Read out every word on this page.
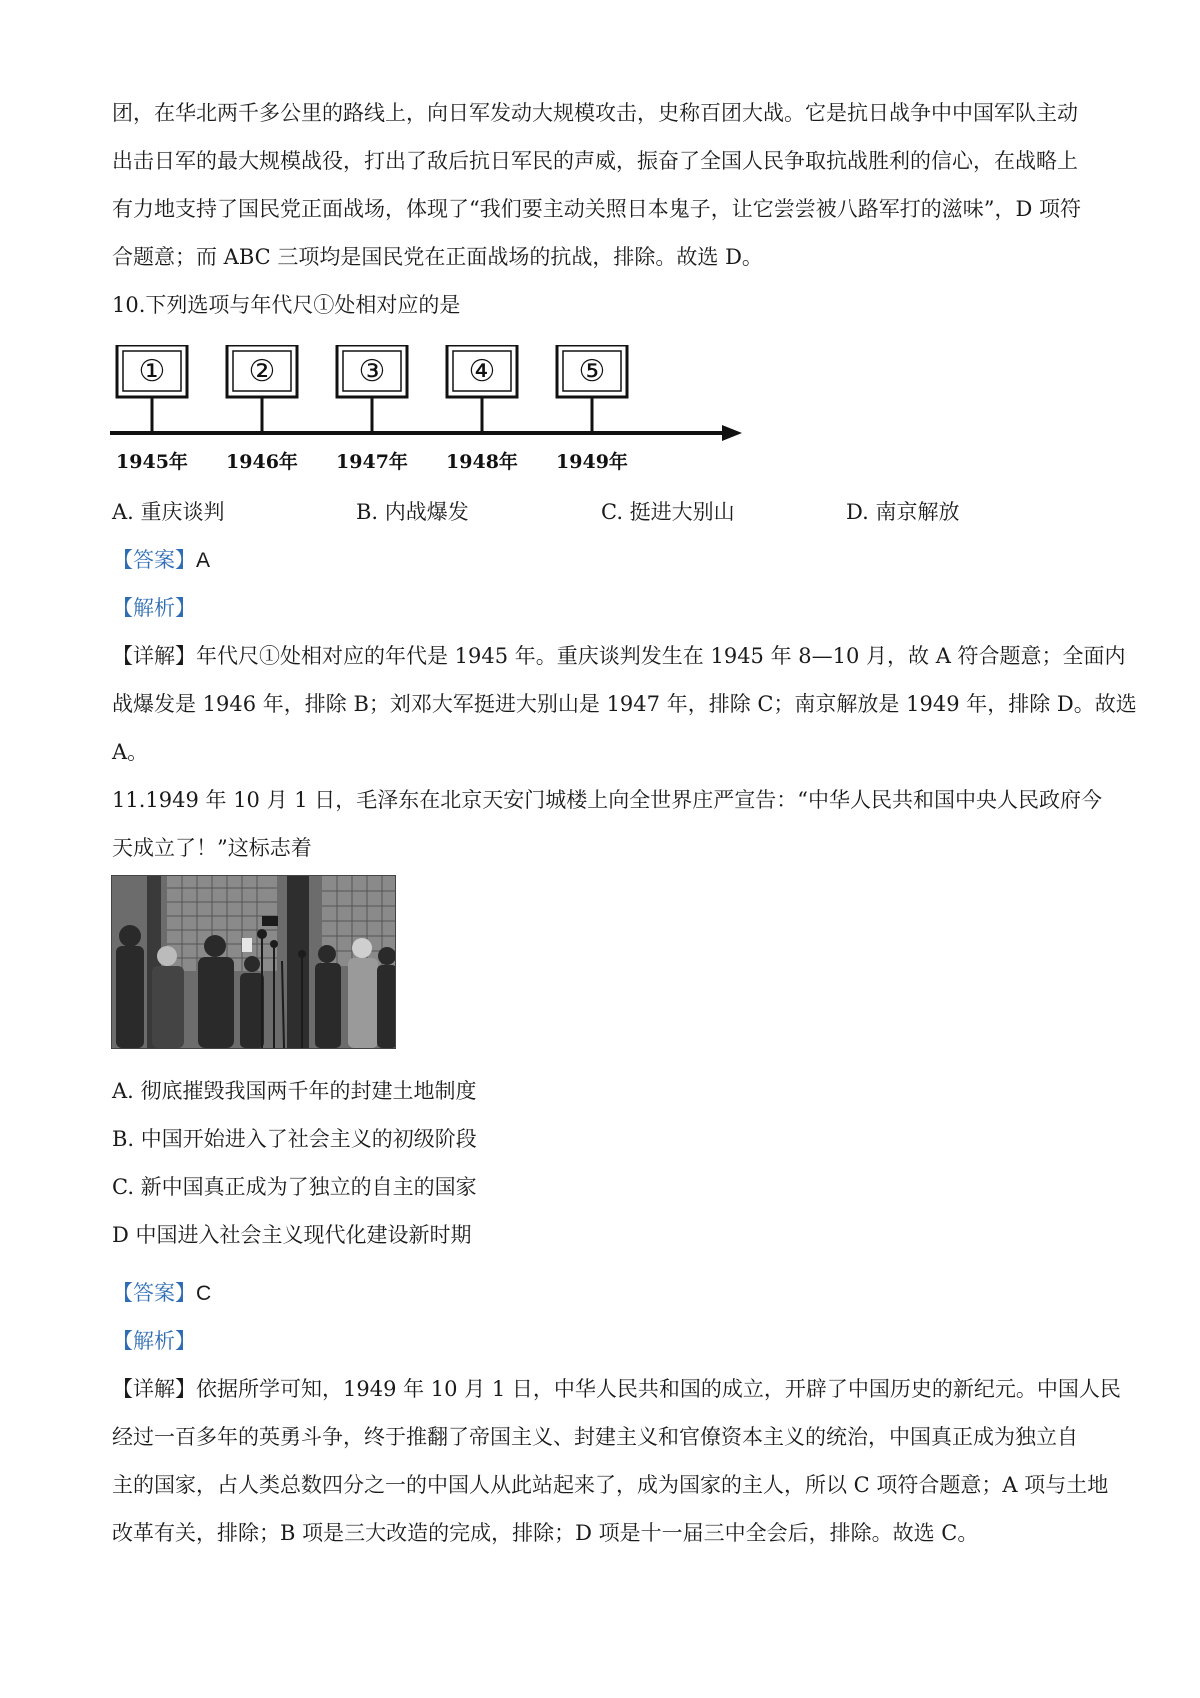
团，在华北两千多公里的路线上，向日军发动大规模攻击，史称百团大战。它是抗日战争中中国军队主动
出击日军的最大规模战役，打出了敌后抗日军民的声威，振奋了全国人民争取抗战胜利的信心，在战略上
有力地支持了国民党正面战场，体现了“我们要主动关照日本鬼子，让它尝尝被八路军打的滋味”，D 项符
合题意；而 ABC 三项均是国民党在正面战场的抗战，排除。故选 D。
10.下列选项与年代尺①处相对应的是
①	②	③	④	⑤
1945年 1946年 1947年 1948年 1949年
A. 重庆谈判	B. 内战爆发	C. 挺进大别山	D. 南京解放
【答案】A
【解析】
【详解】年代尺①处相对应的年代是 1945 年。重庆谈判发生在 1945 年 8—10 月，故 A 符合题意；全面内
战爆发是 1946 年，排除 B；刘邓大军挺进大别山是 1947 年，排除 C；南京解放是 1949 年，排除 D。故选
A。
11.1949 年 10 月 1 日，毛泽东在北京天安门城楼上向全世界庄严宣告：“中华人民共和国中央人民政府今
天成立了！”这标志着
A. 彻底摧毁我国两千年的封建土地制度
B. 中国开始进入了社会主义的初级阶段
C. 新中国真正成为了独立的自主的国家
D 中国进入社会主义现代化建设新时期
【答案】C
【解析】
【详解】依据所学可知，1949 年 10 月 1 日，中华人民共和国的成立，开辟了中国历史的新纪元。中国人民
经过一百多年的英勇斗争，终于推翻了帝国主义、封建主义和官僚资本主义的统治，中国真正成为独立自
主的国家，占人类总数四分之一的中国人从此站起来了，成为国家的主人，所以 C 项符合题意；A 项与土地
改革有关，排除；B 项是三大改造的完成，排除；D 项是十一届三中全会后，排除。故选 C。
